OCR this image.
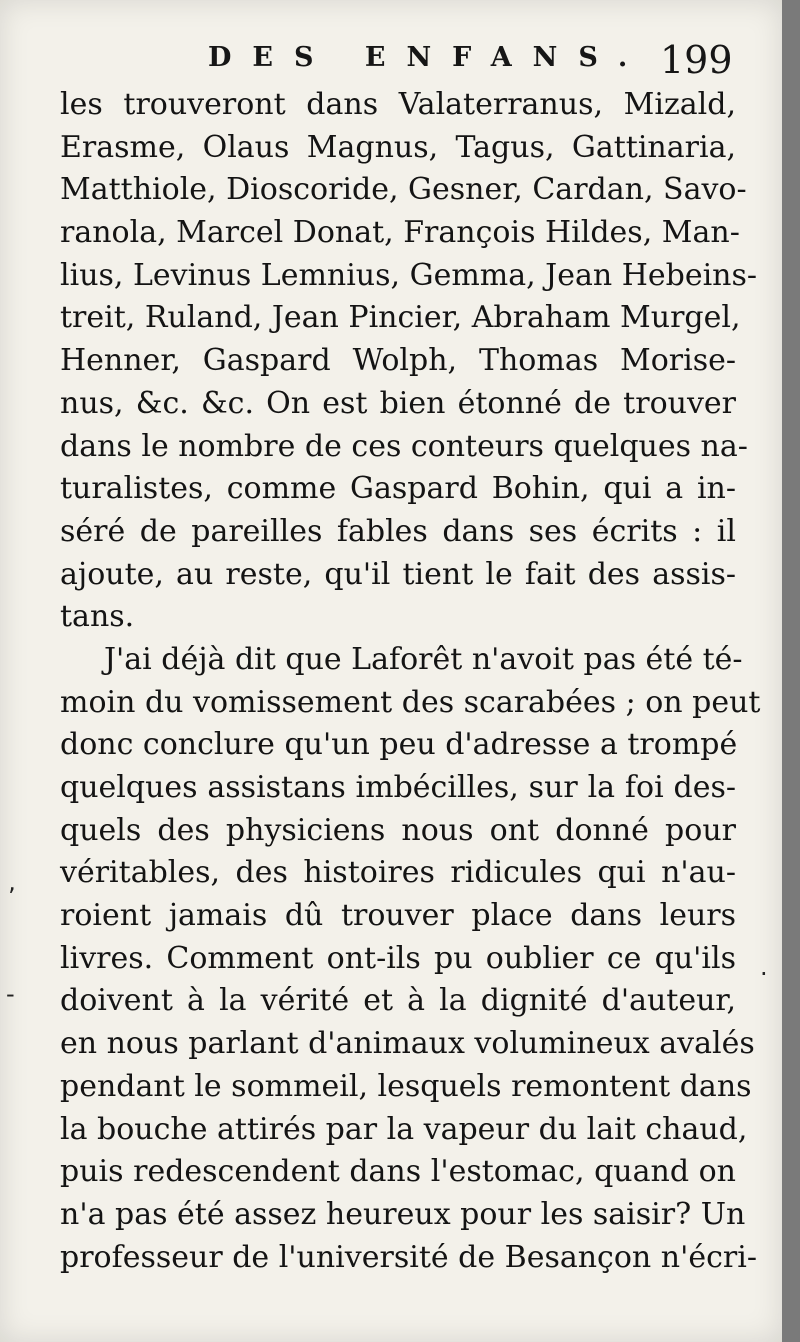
DES ENFANS. 199
les trouveront dans Valaterranus, Mizald,
Erasme, Olaus Magnus, Tagus, Gattinaria,
Matthiole, Dioscoride, Gesner, Cardan, Savo-
ranola, Marcel Donat, François Hildes, Man-
lius, Levinus Lemnius, Gemma, Jean Hebeins-
treit, Ruland, Jean Pincier, Abraham Murgel,
Henner, Gaspard Wolph, Thomas Morise-
nus, &c. &c. On est bien étonné de trouver
dans le nombre de ces conteurs quelques na-
turalistes, comme Gaspard Bohin, qui a in-
séré de pareilles fables dans ses écrits : il
ajoute, au reste, qu'il tient le fait des assis-
tans.
J'ai déjà dit que Laforêt n'avoit pas été té-
moin du vomissement des scarabées ; on peut
donc conclure qu'un peu d'adresse a trompé
quelques assistans imbécilles, sur la foi des-
quels des physiciens nous ont donné pour
véritables, des histoires ridicules qui n'au-
roient jamais dû trouver place dans leurs
livres. Comment ont-ils pu oublier ce qu'ils
doivent à la vérité et à la dignité d'auteur,
en nous parlant d'animaux volumineux avalés
pendant le sommeil, lesquels remontent dans
la bouche attirés par la vapeur du lait chaud,
puis redescendent dans l'estomac, quand on
n'a pas été assez heureux pour les saisir? Un
professeur de l'université de Besançon n'écri-
‚
·
-
